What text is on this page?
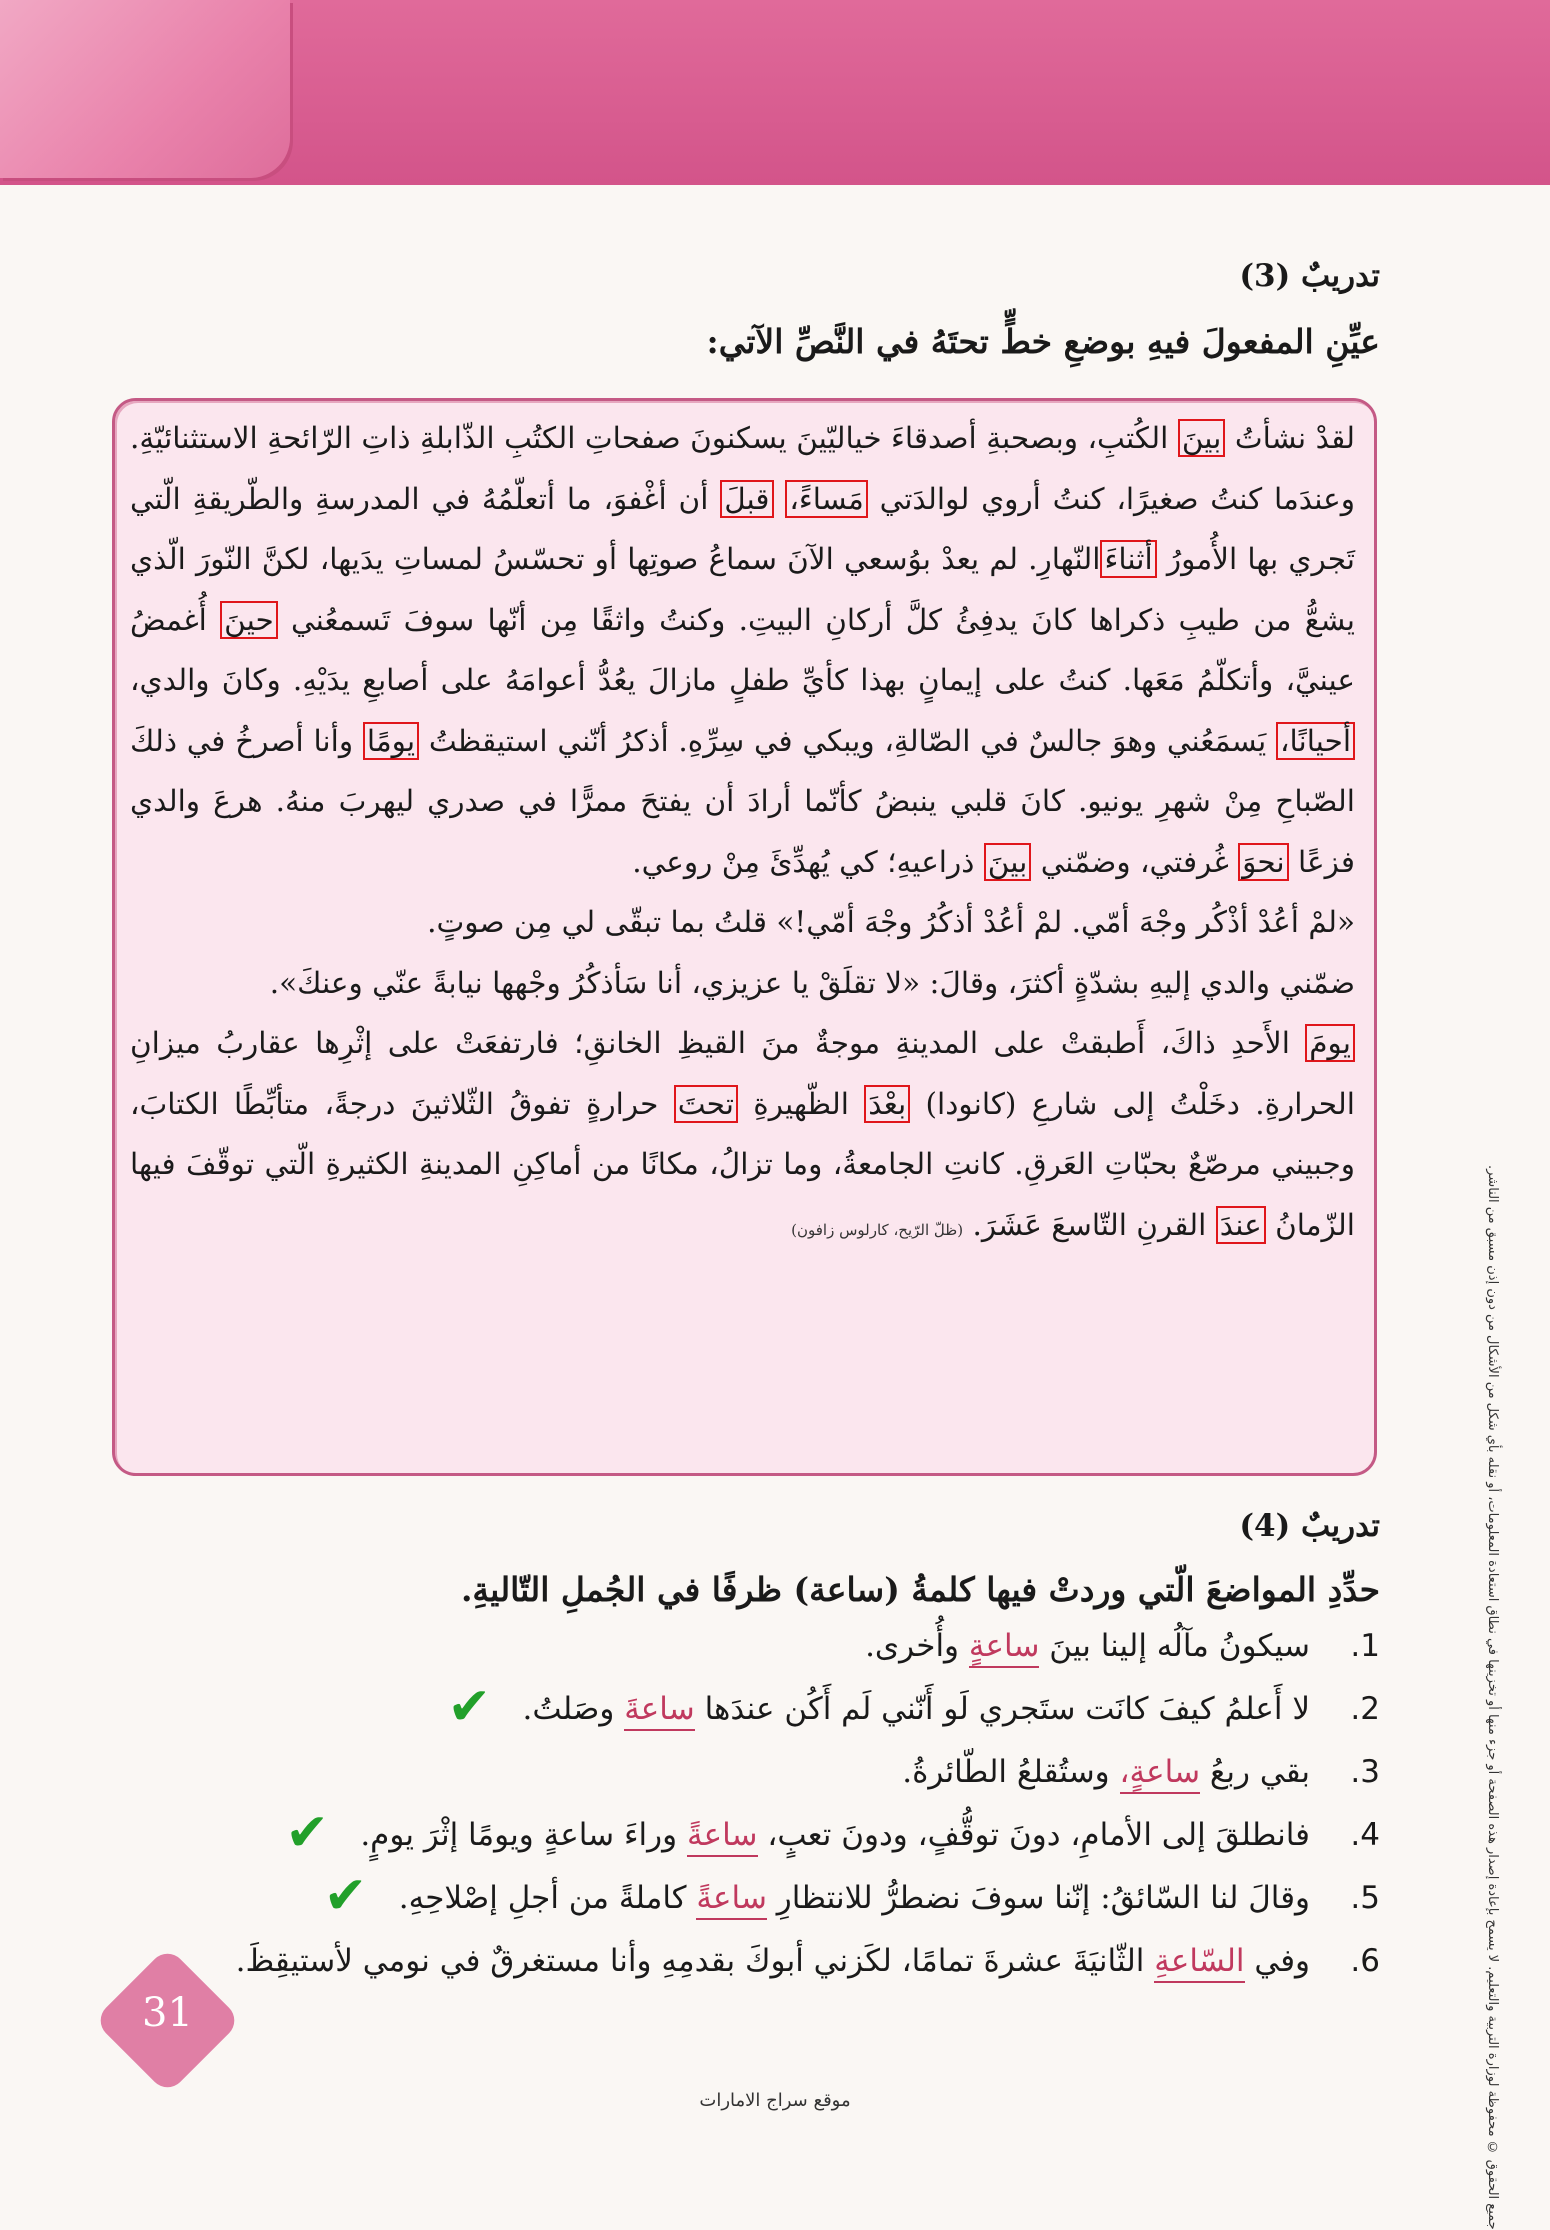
تدريبٌ (3)
عيِّنِ المفعولَ فيهِ بوضعِ خطٍّ تحتَهُ في النَّصِّ الآتي:

لقدْ نشأتُ بينَ الكُتبِ، وبصحبةِ أصدقاءَ خياليّينَ يسكنونَ صفحاتِ الكتُبِ الذّابلةِ ذاتِ الرّائحةِ الاستثنائيّةِ. وعندَما كنتُ صغيرًا، كنتُ أروي لوالدَتي مَساءً، قبلَ أن أغْفوَ، ما أتعلّمُهُ في المدرسةِ والطّريقةِ الّتي تَجري بها الأُمورُ أثناءَالنّهارِ. لم يعدْ بوُسعي الآنَ سماعُ صوتِها أو تحسّسُ لمساتِ يدَيها، لكنَّ النّورَ الّذي يشعُّ من طيبِ ذكراها كانَ يدفِئُ كلَّ أركانِ البيتِ. وكنتُ واثقًا مِن أنّها سوفَ تَسمعُني حينَ أُغمضُ عينيَّ، وأتكلّمُ مَعَها. كنتُ على إيمانٍ بهذا كأيِّ طفلٍ مازالَ يعُدُّ أعوامَهُ على أصابعِ يدَيْهِ. وكانَ والدي، أحيانًا، يَسمَعُني وهوَ جالسٌ في الصّالةِ، ويبكي في سِرِّهِ. أذكرُ أنّني استيقظتُ يومًا وأنا أصرخُ في ذلكَ الصّباحِ مِنْ شهرِ يونيو. كانَ قلبي ينبضُ كأنّما أرادَ أن يفتحَ ممرًّا في صدري ليهربَ منهُ. هرعَ والدي فزعًا نحوَ غُرفتي، وضمّني بينَ ذراعيهِ؛ كي يُهدِّئَ مِنْ روعي.

«لمْ أعُدْ أذْكُر وجْهَ أمّي. لمْ أعُدْ أذكُرُ وجْهَ أمّي!» قلتُ بما تبقّى لي مِن صوتٍ.

ضمّني والدي إليهِ بشدّةٍ أكثرَ، وقالَ: «لا تقلَقْ يا عزيزي، أنا سَأذكُرُ وجْهها نيابةً عنّي وعنكَ».

يومَ الأَحدِ ذاكَ، أَطبقتْ على المدينةِ موجةٌ منَ القيظِ الخانقِ؛ فارتفعَتْ على إثْرِها عقاربُ ميزانِ الحرارةِ. دخَلْتُ إلى شارعِ (كانودا) بعْدَ الظّهيرةِ تحتَ حرارةٍ تفوقُ الثّلاثينَ درجةً، متأبِّطًا الكتابَ، وجبيني مرصّعٌ بحبّاتِ العَرقِ. كانتِ الجامعةُ، وما تزالُ، مكانًا من أماكِنِ المدينةِ الكثيرةِ الّتي توقّفَ فيها الزّمانُ عندَ القرنِ التّاسعَ عَشَرَ. (ظلّ الرّيح، كارلوس زافون)

تدريبٌ (4)
حدِّدِ المواضعَ الّتي وردتْ فيها كلمةُ (ساعة) ظرفًا في الجُملِ التّاليةِ.
1.سيكونُ مآلُه إلينا بينَ ساعةٍ وأُخرى.
2.لا أَعلمُ كيفَ كانَت ستَجري لَو أَنّني لَم أَكُن عندَها ساعةَ وصَلتُ.
✔
3.بقي ربعُ ساعةٍ، وستُقلعُ الطّائرةُ.
4.فانطلقَ إلى الأمامِ، دونَ توقُّفٍ، ودونَ تعبٍ، ساعةً وراءَ ساعةٍ ويومًا إثْرَ يومٍ.
✔
5.وقالَ لنا السّائقُ: إنّنا سوفَ نضطرُّ للانتظارِ ساعةً كاملةً من أجلِ إصْلاحِهِ.
✔
6.وفي السّاعةِ الثّانيَةَ عشرةَ تمامًا، لكَزني أبوكَ بقدمِهِ وأنا مستغرقٌ في نومي لأستيقِظَ.	جميع الحقوق © محفوظة لوزارة التربية والتعليم. لا يسمح بإعادة إصدار هذه الصفحة أو جزء منها أو تخزينها في نطاق استعادة المعلومات، أو نقله بأي شكل من الأشكال من دون إذن مسبق من الناشر.
31
موقع سراج الامارات
